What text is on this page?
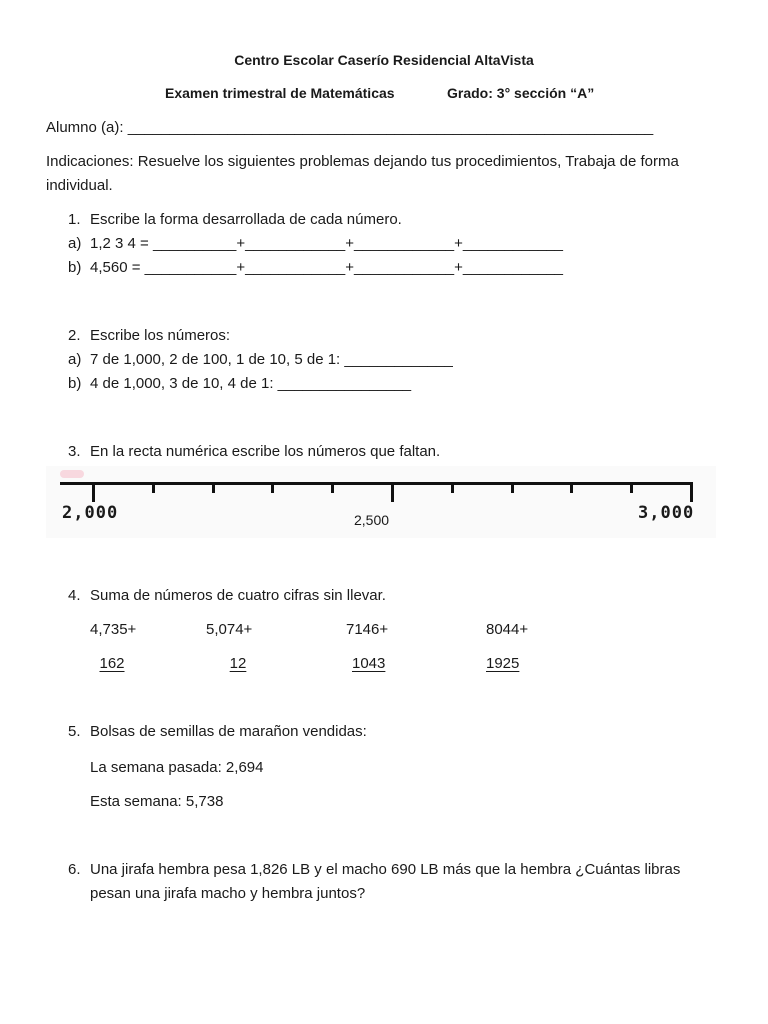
Centro Escolar Caserío Residencial AltaVista
Examen trimestral de Matemáticas	Grado: 3° sección “A”
Alumno (a): _______________________________________________________________
Indicaciones: Resuelve los siguientes problemas dejando tus procedimientos, Trabaja de forma
individual.
1. Escribe la forma desarrollada de cada número.
a) 1,2 3 4 = __________+____________+____________+____________
b) 4,560 = ___________+____________+____________+____________
2. Escribe los números:
a) 7 de 1,000, 2 de 100, 1 de 10, 5 de 1: _____________
b) 4 de 1,000, 3 de 10, 4 de 1: ________________
3. En la recta numérica escribe los números que faltan.
2,000	2,500	3,000
4. Suma de números de cuatro cifras sin llevar.
4,735+	5,074+	7146+	8044+
162	12	1043	1925
5. Bolsas de semillas de marañon vendidas:
La semana pasada: 2,694
Esta semana: 5,738
6. Una jirafa hembra pesa 1,826 LB y el macho 690 LB más que la hembra ¿Cuántas libras
pesan una jirafa macho y hembra juntos?
